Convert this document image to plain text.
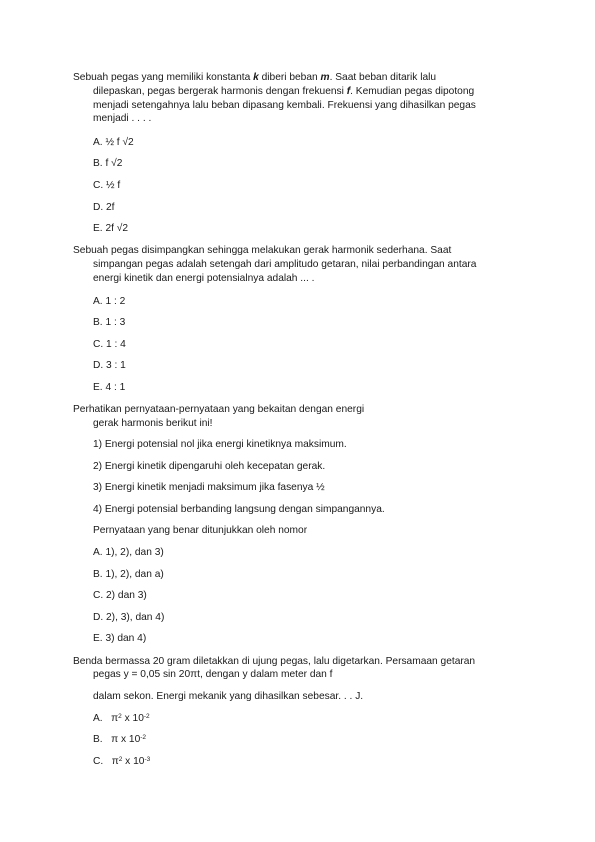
Sebuah pegas yang memiliki konstanta k diberi beban m. Saat beban ditarik lalu
dilepaskan, pegas bergerak harmonis dengan frekuensi f. Kemudian pegas dipotong
menjadi setengahnya lalu beban dipasang kembali. Frekuensi yang dihasilkan pegas
menjadi . . . .
A. ½ f √2
B. f √2
C. ½ f
D. 2f
E. 2f √2
Sebuah pegas disimpangkan sehingga melakukan gerak harmonik sederhana. Saat
simpangan pegas adalah setengah dari amplitudo getaran, nilai perbandingan antara
energi kinetik dan energi potensialnya adalah ... .
A. 1 : 2
B. 1 : 3
C. 1 : 4
D. 3 : 1
E. 4 : 1
Perhatikan pernyataan-pernyataan yang bekaitan dengan energi
gerak harmonis berikut ini!
1) Energi potensial nol jika energi kinetiknya maksimum.
2) Energi kinetik dipengaruhi oleh kecepatan gerak.
3) Energi kinetik menjadi maksimum jika fasenya ½
4) Energi potensial berbanding langsung dengan simpangannya.
Pernyataan yang benar ditunjukkan oleh nomor
A. 1), 2), dan 3)
B. 1), 2), dan a)
C. 2) dan 3)
D. 2), 3), dan 4)
E. 3) dan 4)
Benda bermassa 20 gram diletakkan di ujung pegas, lalu digetarkan. Persamaan getaran
pegas y = 0,05 sin 20πt, dengan y dalam meter dan f
dalam sekon. Energi mekanik yang dihasilkan sebesar. . . J.
A. $\pi^2$ x $10^{-2}$
B. π x $10^{-2}$
C. $\pi^2$ x $10^{-3}$
